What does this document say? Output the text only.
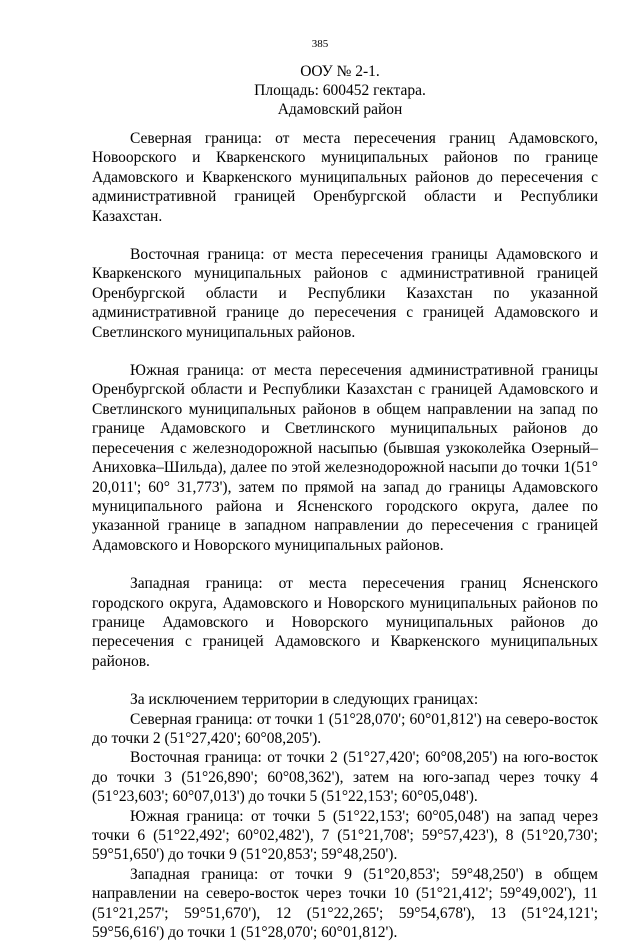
385
ООУ № 2-1.
Площадь: 600452 гектара.
Адамовский район

Северная граница: от места пересечения границ Адамовского, Новоорского и Кваркенского муниципальных районов по границе Адамовского и Кваркенского муниципальных районов до пересечения с административной границей Оренбургской области и Республики Казахстан.

Восточная граница: от места пересечения границы Адамовского и Кваркенского муниципальных районов с административной границей Оренбургской области и Республики Казахстан по указанной административной границе до пересечения с границей Адамовского и Светлинского муниципальных районов.

Южная граница: от места пересечения административной границы Оренбургской области и Республики Казахстан с границей Адамовского и Светлинского муниципальных районов в общем направлении на запад по границе Адамовского и Светлинского муниципальных районов до пересечения с железнодорожной насыпью (бывшая узкоколейка Озерный–Аниховка–Шильда), далее по этой железнодорожной насыпи до точки 1(51° 20,011'; 60° 31,773'), затем по прямой на запад до границы Адамовского муниципального района и Ясненского городского округа, далее по указанной границе в западном направлении до пересечения с границей Адамовского и Новорского муниципальных районов.

Западная граница: от места пересечения границ Ясненского городского округа, Адамовского и Новорского муниципальных районов по границе Адамовского и Новорского муниципальных районов до пересечения с границей Адамовского и Кваркенского муниципальных районов.

За исключением территории в следующих границах:

Северная граница: от точки 1 (51°28,070'; 60°01,812') на северо-восток до точки 2 (51°27,420'; 60°08,205').

Восточная граница: от точки 2 (51°27,420'; 60°08,205') на юго-восток до точки 3 (51°26,890'; 60°08,362'), затем на юго-запад через точку 4 (51°23,603'; 60°07,013') до точки 5 (51°22,153'; 60°05,048').

Южная граница: от точки 5 (51°22,153'; 60°05,048') на запад через точки 6 (51°22,492'; 60°02,482'), 7 (51°21,708'; 59°57,423'), 8 (51°20,730'; 59°51,650') до точки 9 (51°20,853'; 59°48,250').

Западная граница: от точки 9 (51°20,853'; 59°48,250') в общем направлении на северо-восток через точки 10 (51°21,412'; 59°49,002'), 11 (51°21,257'; 59°51,670'), 12 (51°22,265'; 59°54,678'), 13 (51°24,121'; 59°56,616') до точки 1 (51°28,070'; 60°01,812').
